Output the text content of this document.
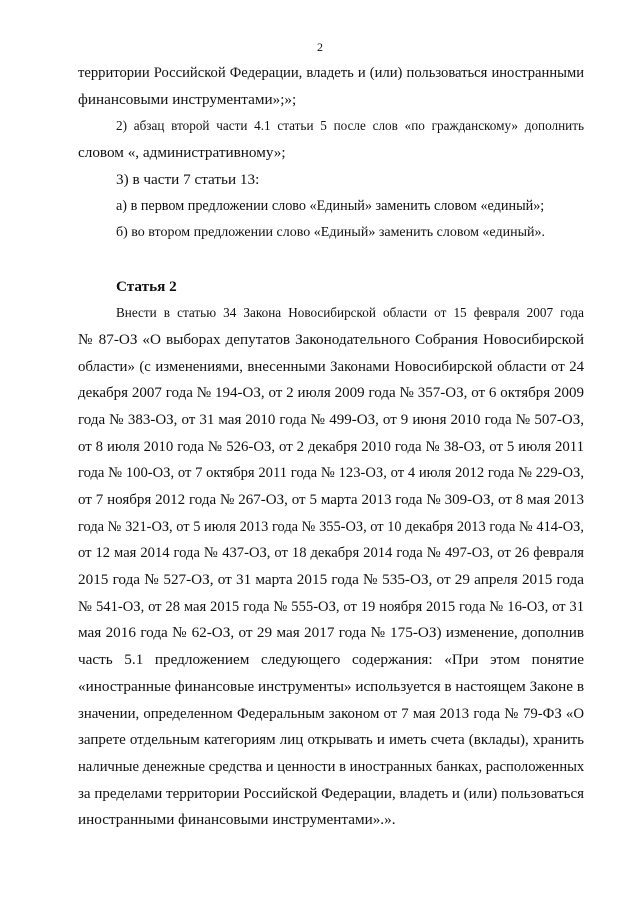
2
территории Российской Федерации, владеть и (или) пользоваться иностранными
финансовыми инструментами»;»;
2) абзац второй части 4.1 статьи 5 после слов «по гражданскому» дополнить
словом «, административному»;
3) в части 7 статьи 13:
а) в первом предложении слово «Единый» заменить словом «единый»;
б) во втором предложении слово «Единый» заменить словом «единый».
Статья 2
Внести в статью 34 Закона Новосибирской области от 15 февраля 2007 года
№ 87-ОЗ «О выборах депутатов Законодательного Собрания Новосибирской
области» (с изменениями, внесенными Законами Новосибирской области от 24
декабря 2007 года № 194-ОЗ, от 2 июля 2009 года № 357-ОЗ, от 6 октября 2009
года № 383-ОЗ, от 31 мая 2010 года № 499-ОЗ, от 9 июня 2010 года № 507-ОЗ,
от 8 июля 2010 года № 526-ОЗ, от 2 декабря 2010 года № 38-ОЗ, от 5 июля 2011
года № 100-ОЗ, от 7 октября 2011 года № 123-ОЗ, от 4 июля 2012 года № 229-ОЗ,
от 7 ноября 2012 года № 267-ОЗ, от 5 марта 2013 года № 309-ОЗ, от 8 мая 2013
года № 321-ОЗ, от 5 июля 2013 года № 355-ОЗ, от 10 декабря 2013 года № 414-ОЗ,
от 12 мая 2014 года № 437-ОЗ, от 18 декабря 2014 года № 497-ОЗ, от 26 февраля
2015 года № 527-ОЗ, от 31 марта 2015 года № 535-ОЗ, от 29 апреля 2015 года
№ 541-ОЗ, от 28 мая 2015 года № 555-ОЗ, от 19 ноября 2015 года № 16-ОЗ, от 31
мая 2016 года № 62-ОЗ, от 29 мая 2017 года № 175-ОЗ) изменение, дополнив
часть 5.1 предложением следующего содержания: «При этом понятие
«иностранные финансовые инструменты» используется в настоящем Законе в
значении, определенном Федеральным законом от 7 мая 2013 года № 79-ФЗ «О
запрете отдельным категориям лиц открывать и иметь счета (вклады), хранить
наличные денежные средства и ценности в иностранных банках, расположенных
за пределами территории Российской Федерации, владеть и (или) пользоваться
иностранными финансовыми инструментами».».
